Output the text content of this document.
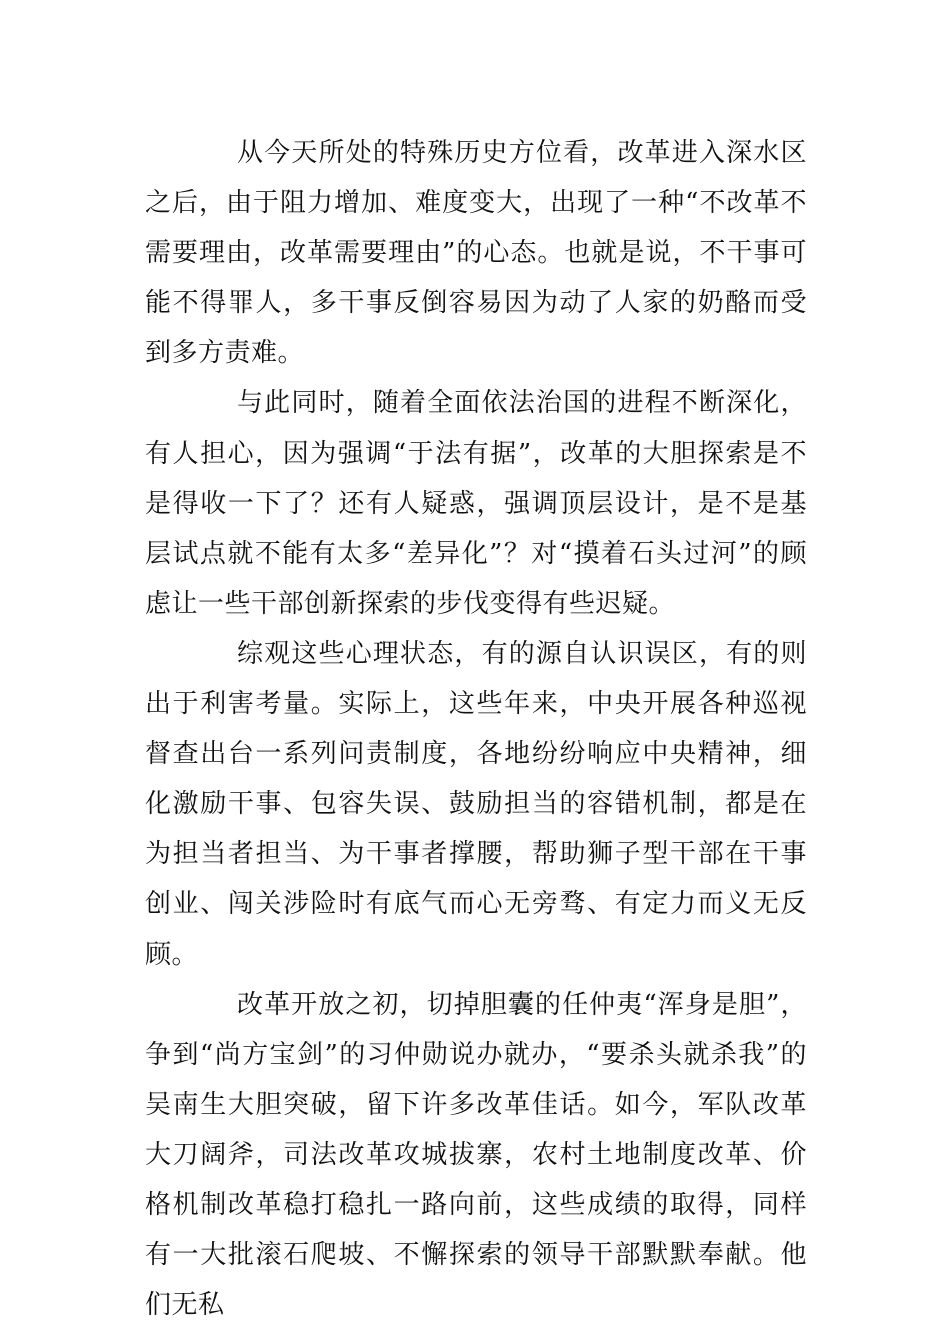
从今天所处的特殊历史方位看，改革进入深水区之后，由于阻力增加、难度变大，出现了一种“不改革不需要理由，改革需要理由”的心态。也就是说，不干事可能不得罪人，多干事反倒容易因为动了人家的奶酪而受到多方责难。

与此同时，随着全面依法治国的进程不断深化，有人担心，因为强调“于法有据”，改革的大胆探索是不是得收一下了？还有人疑惑，强调顶层设计，是不是基层试点就不能有太多“差异化”？对“摸着石头过河”的顾虑让一些干部创新探索的步伐变得有些迟疑。

综观这些心理状态，有的源自认识误区，有的则出于利害考量。实际上，这些年来，中央开展各种巡视督查出台一系列问责制度，各地纷纷响应中央精神，细化激励干事、包容失误、鼓励担当的容错机制，都是在为担当者担当、为干事者撑腰，帮助狮子型干部在干事创业、闯关涉险时有底气而心无旁骛、有定力而义无反顾。

改革开放之初，切掉胆囊的任仲夷“浑身是胆”，争到“尚方宝剑”的习仲勋说办就办，“要杀头就杀我”的吴南生大胆突破，留下许多改革佳话。如今，军队改革大刀阔斧，司法改革攻城拔寨，农村土地制度改革、价格机制改革稳打稳扎一路向前，这些成绩的取得，同样有一大批滚石爬坡、不懈探索的领导干部默默奉献。他们无私
